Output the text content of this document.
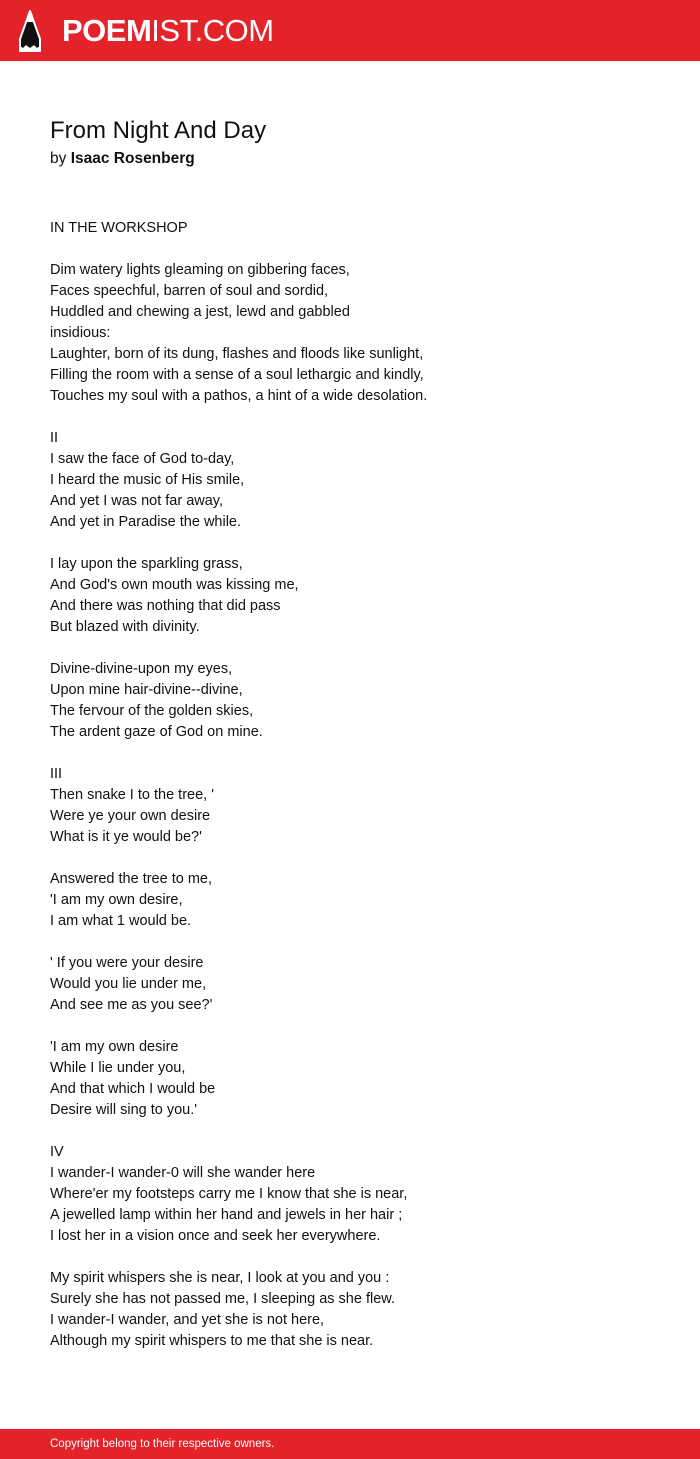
POEMIST.COM
From Night And Day
by Isaac Rosenberg
IN THE WORKSHOP
Dim watery lights gleaming on gibbering faces,
Faces speechful, barren of soul and sordid,
Huddled and chewing a jest, lewd and gabbled
insidious:
Laughter, born of its dung, flashes and floods like sunlight,
Filling the room with a sense of a soul lethargic and kindly,
Touches my soul with a pathos, a hint of a wide desolation.
II
I saw the face of God to-day,
I heard the music of His smile,
And yet I was not far away,
And yet in Paradise the while.
I lay upon the sparkling grass,
And God's own mouth was kissing me,
And there was nothing that did pass
But blazed with divinity.
Divine-divine-upon my eyes,
Upon mine hair-divine--divine,
The fervour of the golden skies,
The ardent gaze of God on mine.
III
Then snake I to the tree, '
Were ye your own desire
What is it ye would be?'
Answered the tree to me,
'I am my own desire,
I am what 1 would be.
' If you were your desire
Would you lie under me,
And see me as you see?'
'I am my own desire
While I lie under you,
And that which I would be
Desire will sing to you.'
IV
I wander-I wander-0 will she wander here
Where'er my footsteps carry me I know that she is near,
A jewelled lamp within her hand and jewels in her hair ;
I lost her in a vision once and seek her everywhere.
My spirit whispers she is near, I look at you and you :
Surely she has not passed me, I sleeping as she flew.
I wander-I wander, and yet she is not here,
Although my spirit whispers to me that she is near.
Copyright belong to their respective owners.
